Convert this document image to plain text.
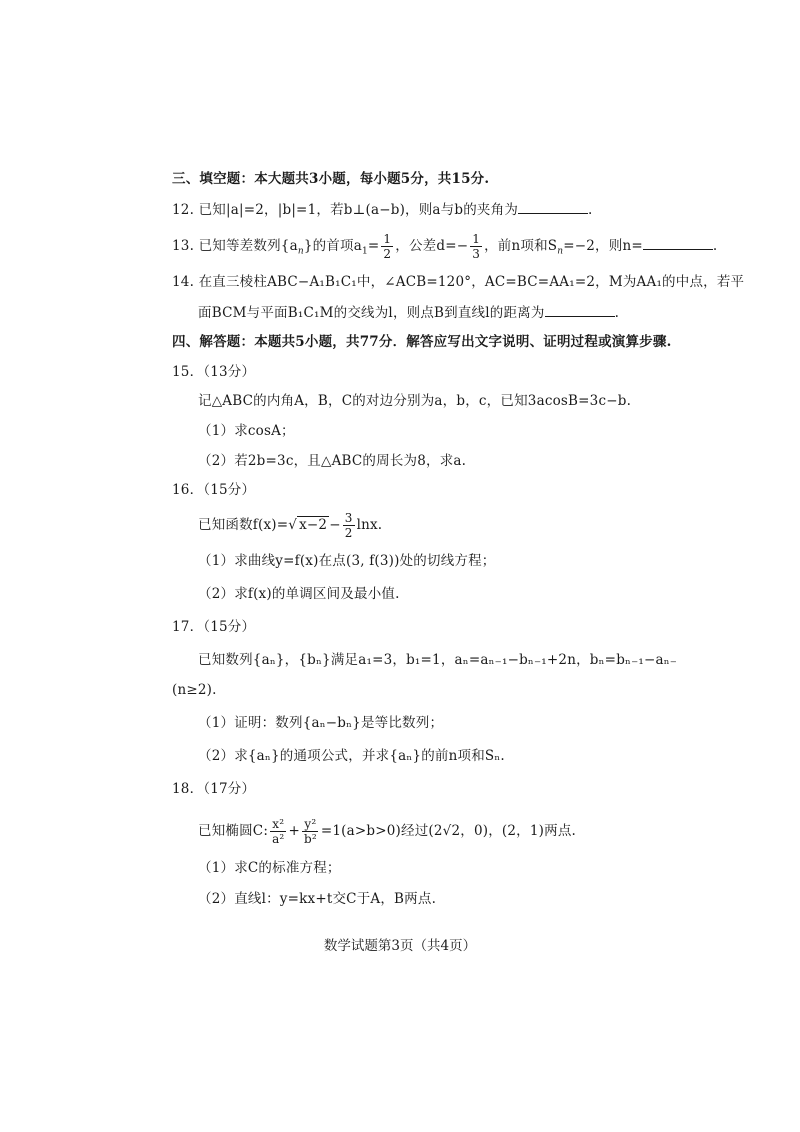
三、填空题：本大题共3小题，每小题5分，共15分.
12. 已知|a|=2，|b|=1，若b⊥(a−b)，则a与b的夹角为	.
13. 已知等差数列$\{a_n\}$的首项$a_1= \frac{1}{2}$ ，公差$d=- \frac{1}{3}$ ，前n项和$S_n=-2$，则n=	.
14. 在直三棱柱ABC−A₁B₁C₁中，∠ACB=120°，AC=BC=AA₁=2，M为AA₁的中点，若平
面BCM与平面B₁C₁M的交线为l，则点B到直线l的距离为	.
四、解答题：本题共5小题，共77分．解答应写出文字说明、证明过程或演算步骤.
15．（13分）
记△ABC的内角A，B，C的对边分别为a，b，c，已知3acosB=3c−b.
（1）求cosA；
（2）若2b=3c，且△ABC的周长为8，求a.
16．（15分）
已知函数f(x)=√ $x-2 - \frac{3}{2} \ln x$.
（1）求曲线y=f(x)在点(3, f(3))处的切线方程；
（2）求f(x)的单调区间及最小值.
17．（15分）
已知数列{aₙ}，{bₙ}满足a₁=3，b₁=1，aₙ=aₙ₋₁−bₙ₋₁+2n，bₙ=bₙ₋₁−aₙ₋
(n≥2).
（1）证明：数列{aₙ−bₙ}是等比数列；
（2）求{aₙ}的通项公式，并求{aₙ}的前n项和Sₙ.
18．（17分）
已知椭圆C: $\frac{\text{x²}}{\text{a²}} + \frac{\text{y²}}{\text{b²}} =1(a>b>0)$经过(2√2，0)，(2，1)两点.
（1）求C的标准方程；
（2）直线l：y=kx+t交C于A，B两点.
数学试题第3页（共4页）
